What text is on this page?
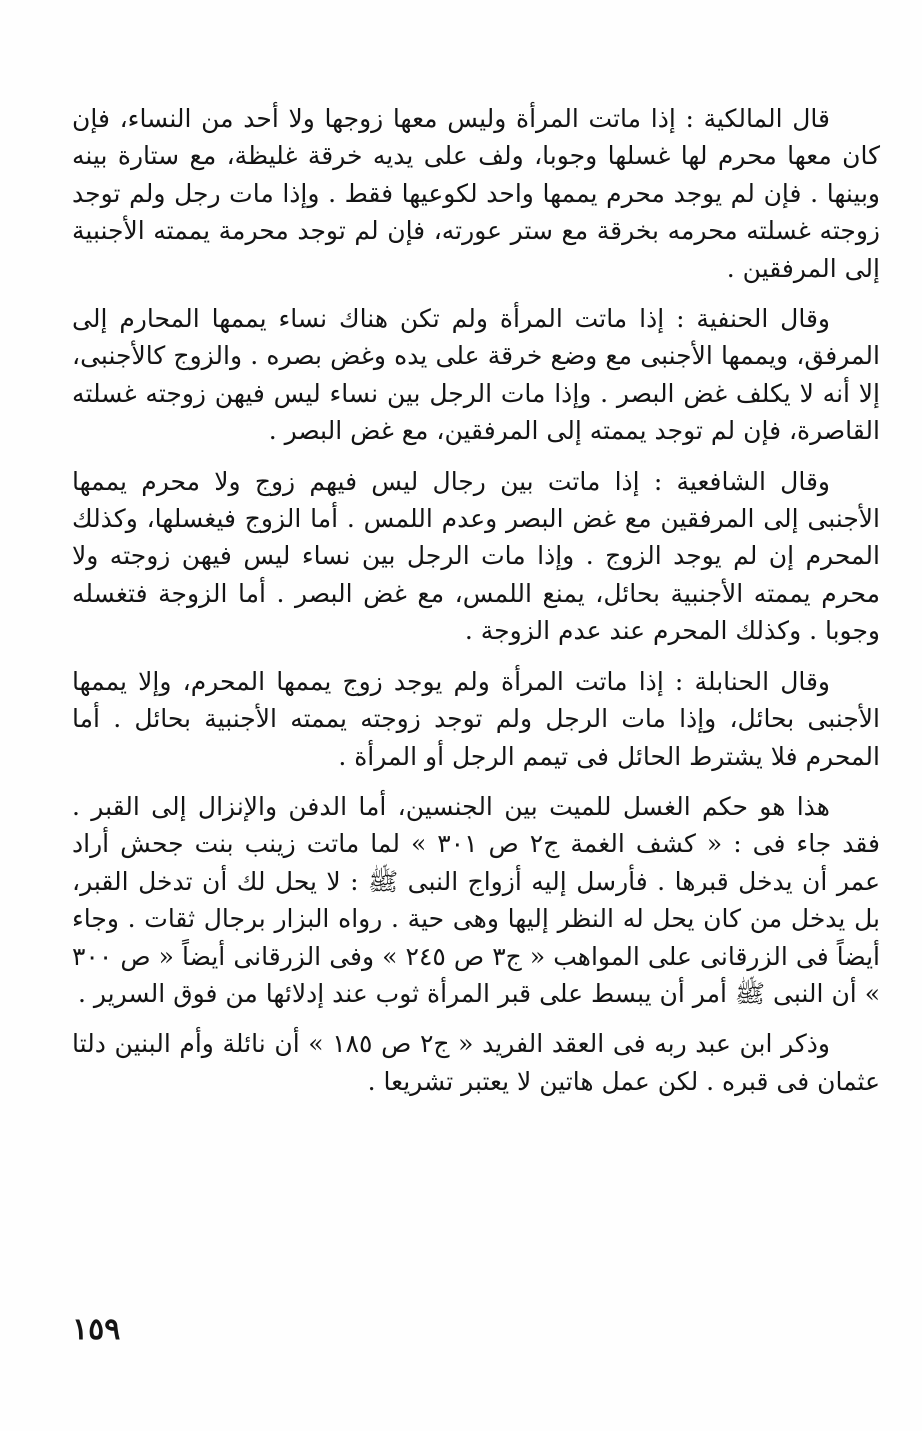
قال المالكية : إذا ماتت المرأة وليس معها زوجها ولا أحد من النساء، فإن كان معها محرم لها غسلها وجوبا، ولف على يديه خرقة غليظة، مع ستارة بينه وبينها . فإن لم يوجد محرم يممها واحد لكوعيها فقط . وإذا مات رجل ولم توجد زوجته غسلته محرمه بخرقة مع ستر عورته، فإن لم توجد محرمة يممته الأجنبية إلى المرفقين .

وقال الحنفية : إذا ماتت المرأة ولم تكن هناك نساء يممها المحارم إلى المرفق، ويممها الأجنبى مع وضع خرقة على يده وغض بصره . والزوج كالأجنبى، إلا أنه لا يكلف غض البصر . وإذا مات الرجل بين نساء ليس فيهن زوجته غسلته القاصرة، فإن لم توجد يممته إلى المرفقين، مع غض البصر .

وقال الشافعية : إذا ماتت بين رجال ليس فيهم زوج ولا محرم يممها الأجنبى إلى المرفقين مع غض البصر وعدم اللمس . أما الزوج فيغسلها، وكذلك المحرم إن لم يوجد الزوج . وإذا مات الرجل بين نساء ليس فيهن زوجته ولا محرم يممته الأجنبية بحائل، يمنع اللمس، مع غض البصر . أما الزوجة فتغسله وجوبا . وكذلك المحرم عند عدم الزوجة .

وقال الحنابلة : إذا ماتت المرأة ولم يوجد زوج يممها المحرم، وإلا يممها الأجنبى بحائل، وإذا مات الرجل ولم توجد زوجته يممته الأجنبية بحائل . أما المحرم فلا يشترط الحائل فى تيمم الرجل أو المرأة .

هذا هو حكم الغسل للميت بين الجنسين، أما الدفن والإنزال إلى القبر . فقد جاء فى : « كشف الغمة ج٢ ص ٣٠١ » لما ماتت زينب بنت جحش أراد عمر أن يدخل قبرها . فأرسل إليه أزواج النبى ﷺ : لا يحل لك أن تدخل القبر، بل يدخل من كان يحل له النظر إليها وهى حية . رواه البزار برجال ثقات . وجاء أيضاً فى الزرقانى على المواهب « ج٣ ص ٢٤٥ » وفى الزرقانى أيضاً « ص ٣٠٠ » أن النبى ﷺ أمر أن يبسط على قبر المرأة ثوب عند إدلائها من فوق السرير .

وذكر ابن عبد ربه فى العقد الفريد « ج٢ ص ١٨٥ » أن نائلة وأم البنين دلتا عثمان فى قبره . لكن عمل هاتين لا يعتبر تشريعا .

١٥٩
